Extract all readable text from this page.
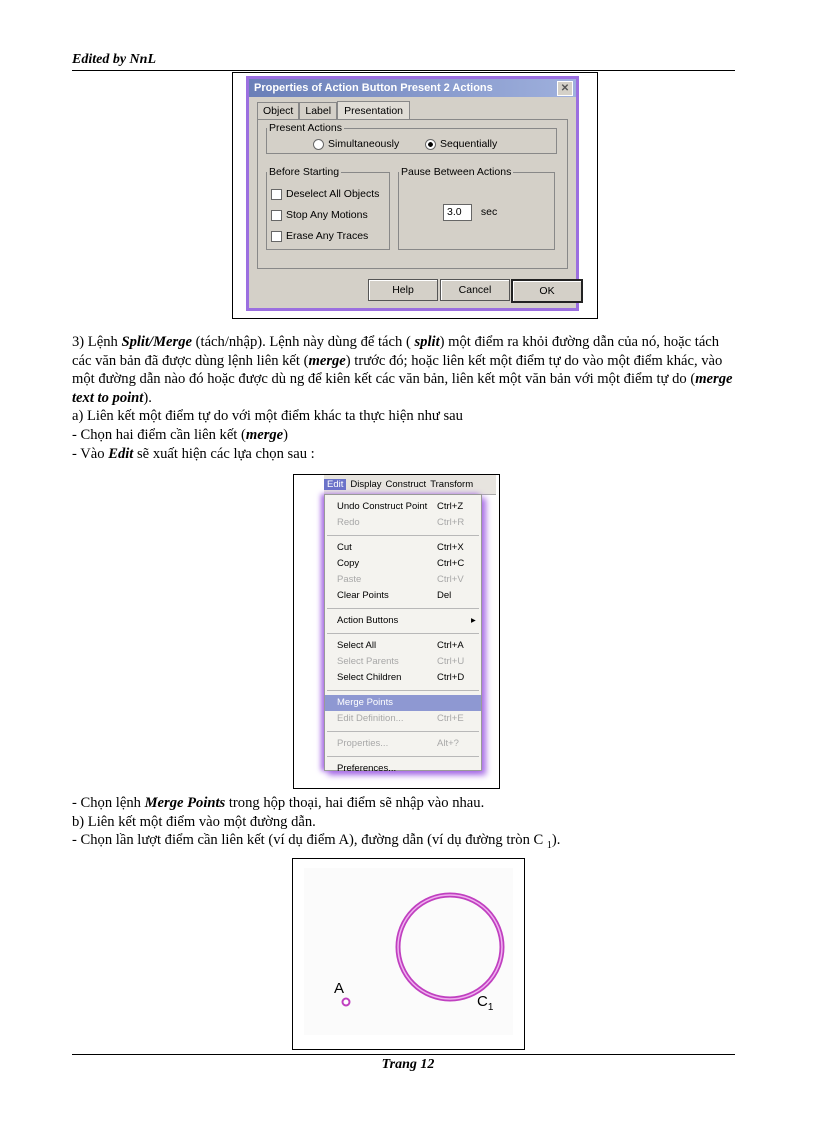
Edited by NnL
Properties of Action Button Present 2 Actions	✕
Object Label Presentation
Present Actions
Simultaneously	Sequentially
Before Starting
Deselect All Objects
Stop Any Motions
Erase Any Traces
Pause Between Actions
3.0 sec
Help	Cancel	OK

3) Lệnh Split/Merge (tách/nhập). Lệnh này dùng để tách ( split) một điểm ra khỏi đường dẫn của nó, hoặc tách các văn bản đã được dùng lệnh liên kết (merge) trước đó; hoặc liên kết một điểm tự do vào một điểm khác, vào một đường dẫn nào đó hoặc được dù ng để kiên kết các văn bản, liên kết một văn bản với một điểm tự do (merge text to point).

a) Liên kết một điểm tự do với một điểm khác ta thực hiện như sau

- Chọn hai điểm cần liên kết (merge)

- Vào Edit sẽ xuất hiện các lựa chọn sau :

Edit Display Construct Transform
Undo Construct Point Ctrl+Z
Redo	Ctrl+R
Cut	Ctrl+X
Copy	Ctrl+C
Paste	Ctrl+V
Clear Points	Del
Action Buttons	▸
Select All	Ctrl+A
Select Parents	Ctrl+U
Select Children	Ctrl+D
Merge Points
Edit Definition...	Ctrl+E
Properties...	Alt+?
Preferences...

- Chọn lệnh Merge Points trong hộp thoại, hai điểm sẽ nhập vào nhau.

b) Liên kết một điểm vào một đường dẫn.

- Chọn lần lượt điểm cần liên kết (ví dụ điểm A), đường dẫn (ví dụ đường tròn C $_1$).

A
$C_1$
Trang 12
